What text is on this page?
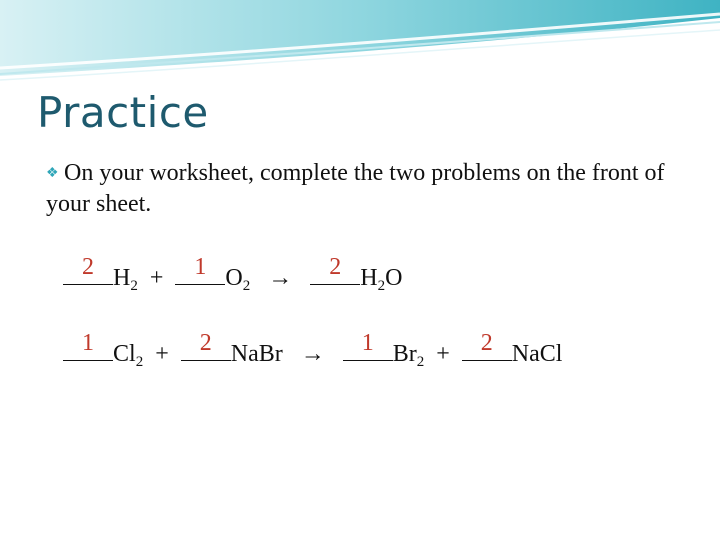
Practice
❖ On your worksheet, complete the two problems on the front of your sheet.
2 $H_2$ +	1 $O_2$ →	2 $H_2O$
1 $Cl_2$ +	2 NaBr →	1 $Br_2$ +	2 NaCl
